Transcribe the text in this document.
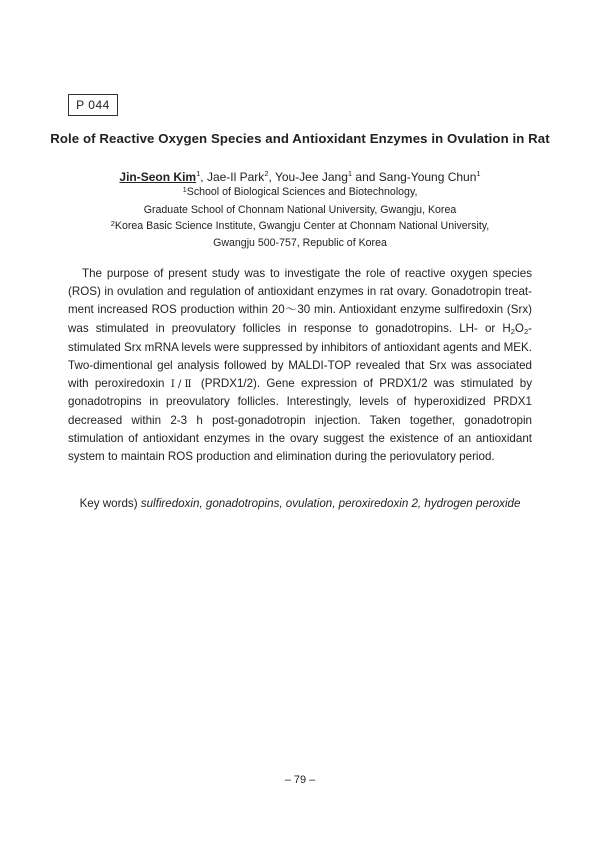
P 044
Role of Reactive Oxygen Species and Antioxidant Enzymes in Ovulation in Rat
Jin-Seon Kim$^1$, Jae-Il Park$^2$, You-Jee Jang$^1$ and Sang-Young Chun$^1$
$^1$School of Biological Sciences and Biotechnology,
Graduate School of Chonnam National University, Gwangju, Korea
$^2$Korea Basic Science Institute, Gwangju Center at Chonnam National University,
Gwangju 500-757, Republic of Korea

The purpose of present study was to investigate the role of reactive oxygen species (ROS) in ovulation and regulation of antioxidant enzymes in rat ovary. Gonadotropin treatment increased ROS production within 20～30 min. Antioxidant enzyme sulfiredoxin (Srx) was stimulated in preovulatory follicles in response to gonadotropins. LH- or $H_2O_2$-stimulated Srx mRNA levels were suppressed by inhibitors of antioxidant agents and MEK. Two-dimentional gel analysis followed by MALDI-TOP revealed that Srx was associated with peroxiredoxin Ⅰ/Ⅱ (PRDX1/2). Gene expression of PRDX1/2 was stimulated by gonadotropins in preovulatory follicles. Interestingly, levels of hyperoxidized PRDX1 decreased within 2-3 h post-gonadotropin injection. Taken together, gonadotropin stimulation of antioxidant enzymes in the ovary suggest the existence of an antioxidant system to maintain ROS production and elimination during the periovulatory period.

Key words) sulfiredoxin, gonadotropins, ovulation, peroxiredoxin 2, hydrogen peroxide
– 79 –
